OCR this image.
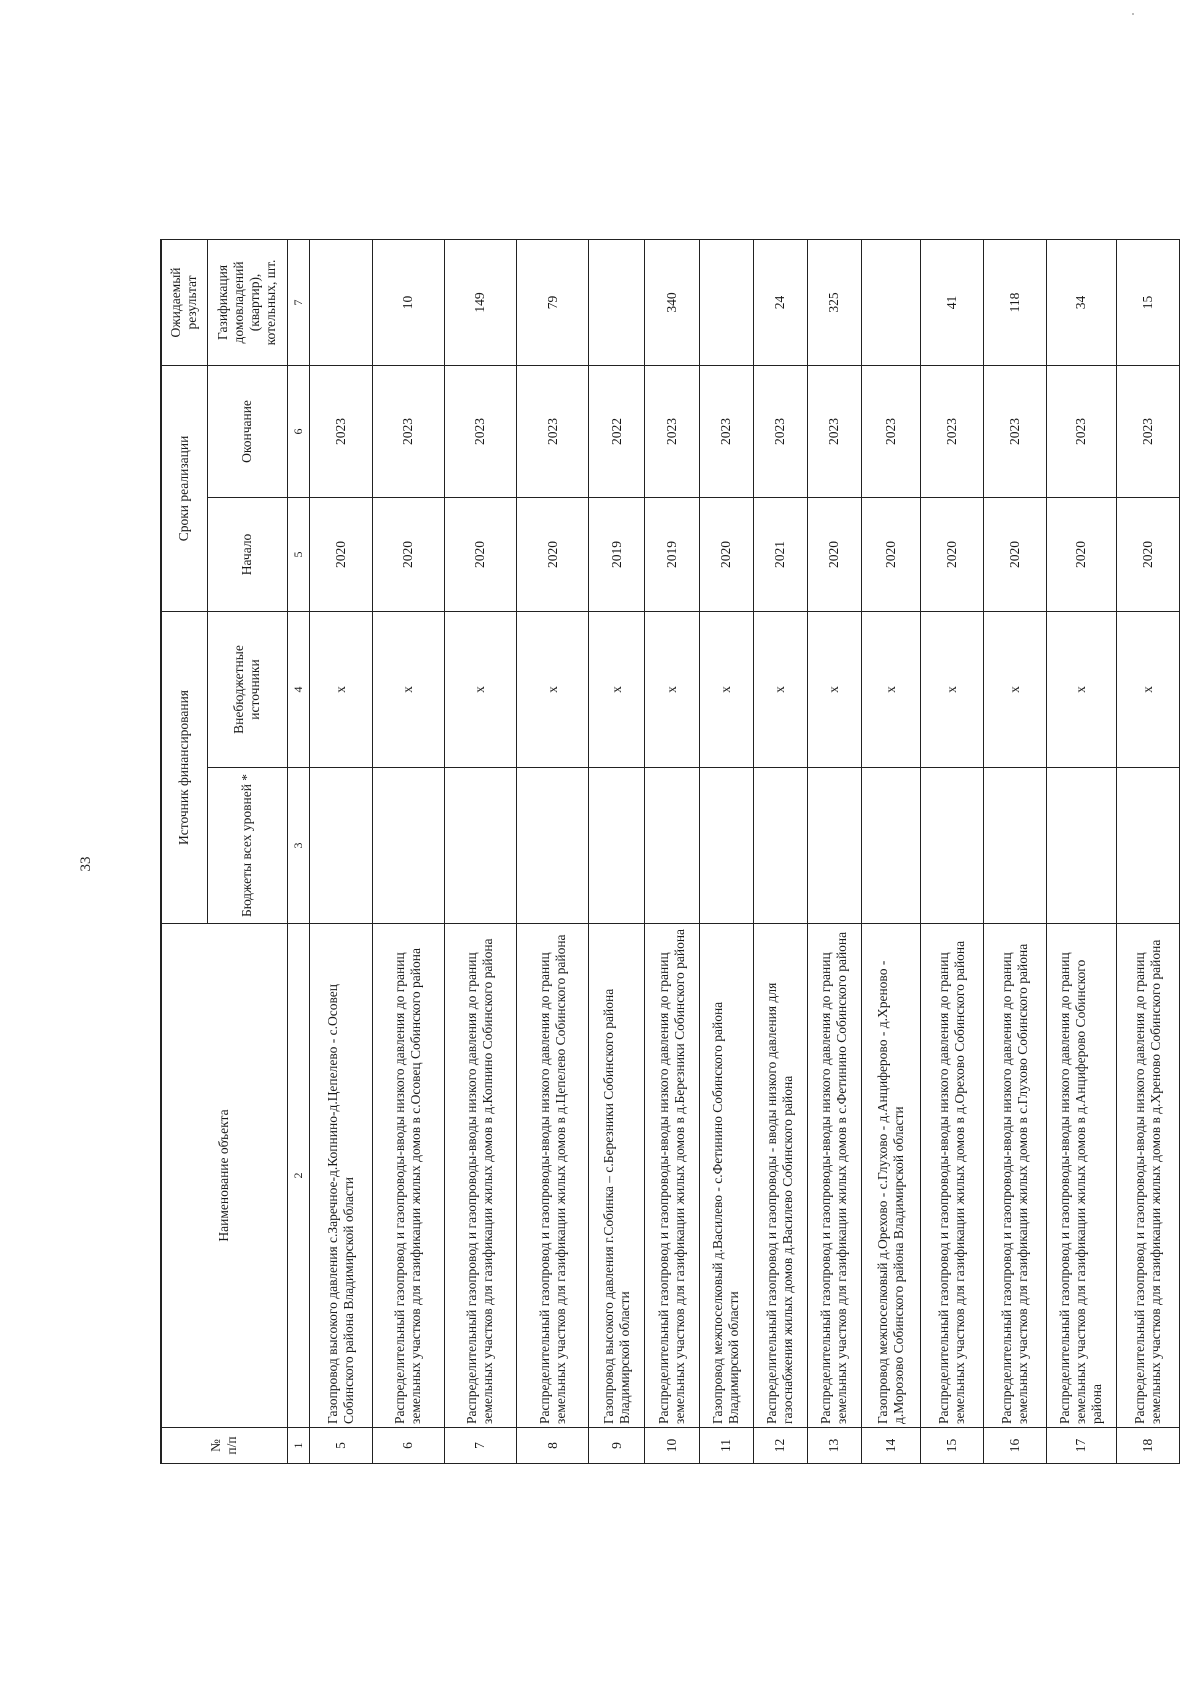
33
№ п/п	Наименование объекта	Источник финансирования		Сроки реализации		Ожидаемый результат
		Бюджеты всех уровней *	Внебюджетные источники	Начало	Окончание	Газификация домовладений (квартир), котельных, шт.
1	2	3	4	5	6	7
5	Газопровод высокого давления с.Заречное-д.Копнино-д.Цепелево - с.Осовец Собинского района Владимирской области		х	2020	2023	
6	Распределительный газопровод и газопроводы-вводы низкого давления до границ земельных участков для газификации жилых домов в с.Осовец Собинского района		х	2020	2023	10
7	Распределительный газопровод и газопроводы-вводы низкого давления до границ земельных участков для газификации жилых домов в д.Копнино Собинского района		х	2020	2023	149
8	Распределительный газопровод и газопроводы-вводы низкого давления до границ земельных участков для газификации жилых домов в д.Цепелево Собинского района		х	2020	2023	79
9	Газопровод высокого давления г.Собинка – с.Березники Собинского района Владимирской области		х	2019	2022	
10	Распределительный газопровод и газопроводы-вводы низкого давления до границ земельных участков для газификации жилых домов в д.Березники Собинского района		х	2019	2023	340
11	Газопровод межпоселковый д.Василево - с.Фетинино Собинского района Владимирской области		х	2020	2023	
12	Распределительный газопровод и газопроводы - вводы низкого давления для газоснабжения жилых домов д.Василево Собинского района		х	2021	2023	24
13	Распределительный газопровод и газопроводы-вводы низкого давления до границ земельных участков для газификации жилых домов в с.Фетинино Собинского района		х	2020	2023	325
14	Газопровод межпоселковый д.Орехово - с.Глухово - д.Анциферово - д.Хреново - д.Морозово Собинского района Владимирской области		х	2020	2023	
15	Распределительный газопровод и газопроводы-вводы низкого давления до границ земельных участков для газификации жилых домов в д.Орехово Собинского района		х	2020	2023	41
16	Распределительный газопровод и газопроводы-вводы низкого давления до границ земельных участков для газификации жилых домов в с.Глухово Собинского района		х	2020	2023	118
17	Распределительный газопровод и газопроводы-вводы низкого давления до границ земельных участков для газификации жилых домов в д.Анциферово Собинского района		х	2020	2023	34
18	Распределительный газопровод и газопроводы-вводы низкого давления до границ земельных участков для газификации жилых домов в д.Хреново Собинского района		х	2020	2023	15
